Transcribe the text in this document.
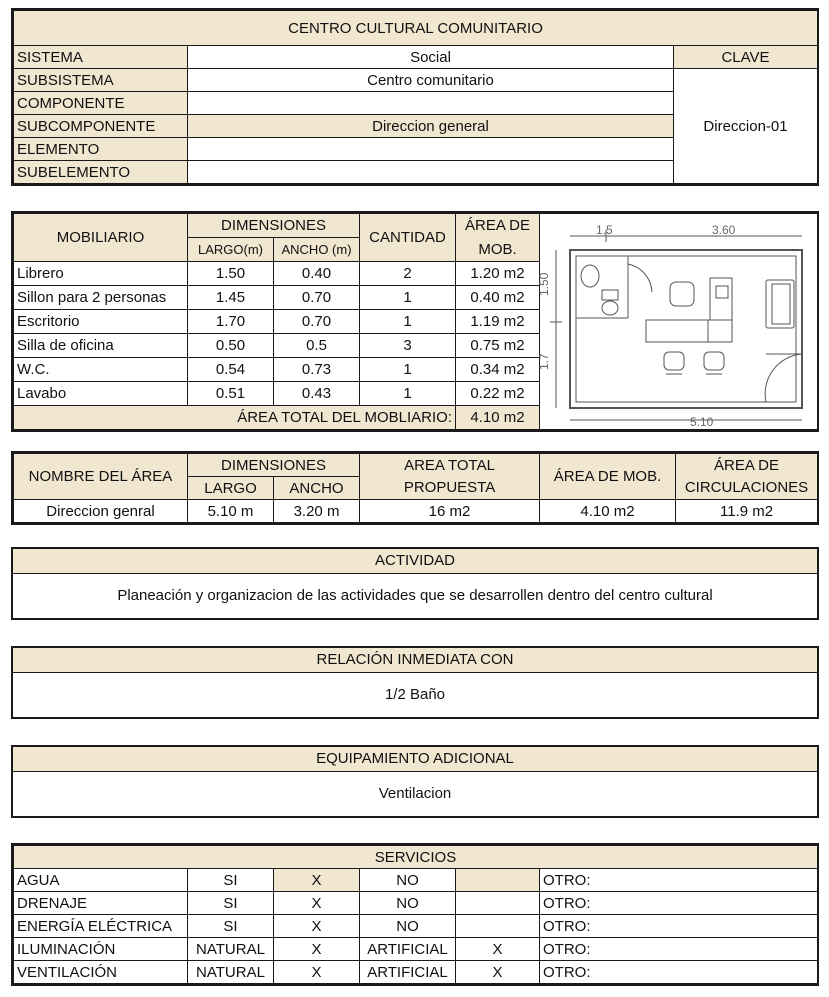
CENTRO CULTURAL COMUNITARIO		
SISTEMA	Social	CLAVE
SUBSISTEMA	Centro comunitario	Direccion-01
COMPONENTE		
SUBCOMPONENTE	Direccion general	
ELEMENTO		
SUBELEMENTO		
MOBILIARIO	DIMENSIONES		CANTIDAD	ÁREA DE	1.5 3.60
5.10
1.50
1.7

	LARGO(m)	ANCHO (m)		MOB.	
Librero	1.50	0.40	2	1.20 m2	
Sillon para 2 personas	1.45	0.70	1	0.40 m2	
Escritorio	1.70	0.70	1	1.19 m2	
Silla de oficina	0.50	0.5	3	0.75 m2	
W.C.	0.54	0.73	1	0.34 m2	
Lavabo	0.51	0.43	1	0.22 m2	
ÁREA TOTAL DEL MOBLIARIO:				4.10 m2	
NOMBRE DEL ÁREA	DIMENSIONES		AREA TOTAL	ÁREA DE MOB.	ÁREA DE
	LARGO	ANCHO	PROPUESTA		CIRCULACIONES
Direccion genral	5.10 m	3.20 m	16 m2	4.10 m2	11.9 m2
ACTIVIDAD
Planeación y organizacion de las actividades que se desarrollen dentro del centro cultural
RELACIÓN INMEDIATA CON
1/2 Baño
EQUIPAMIENTO ADICIONAL
Ventilacion
SERVICIOS					
AGUA	SI	X	NO		OTRO:
DRENAJE	SI	X	NO		OTRO:
ENERGÍA ELÉCTRICA	SI	X	NO		OTRO:
ILUMINACIÓN	NATURAL	X	ARTIFICIAL	X	OTRO:
VENTILACIÓN	NATURAL	X	ARTIFICIAL	X	OTRO:
